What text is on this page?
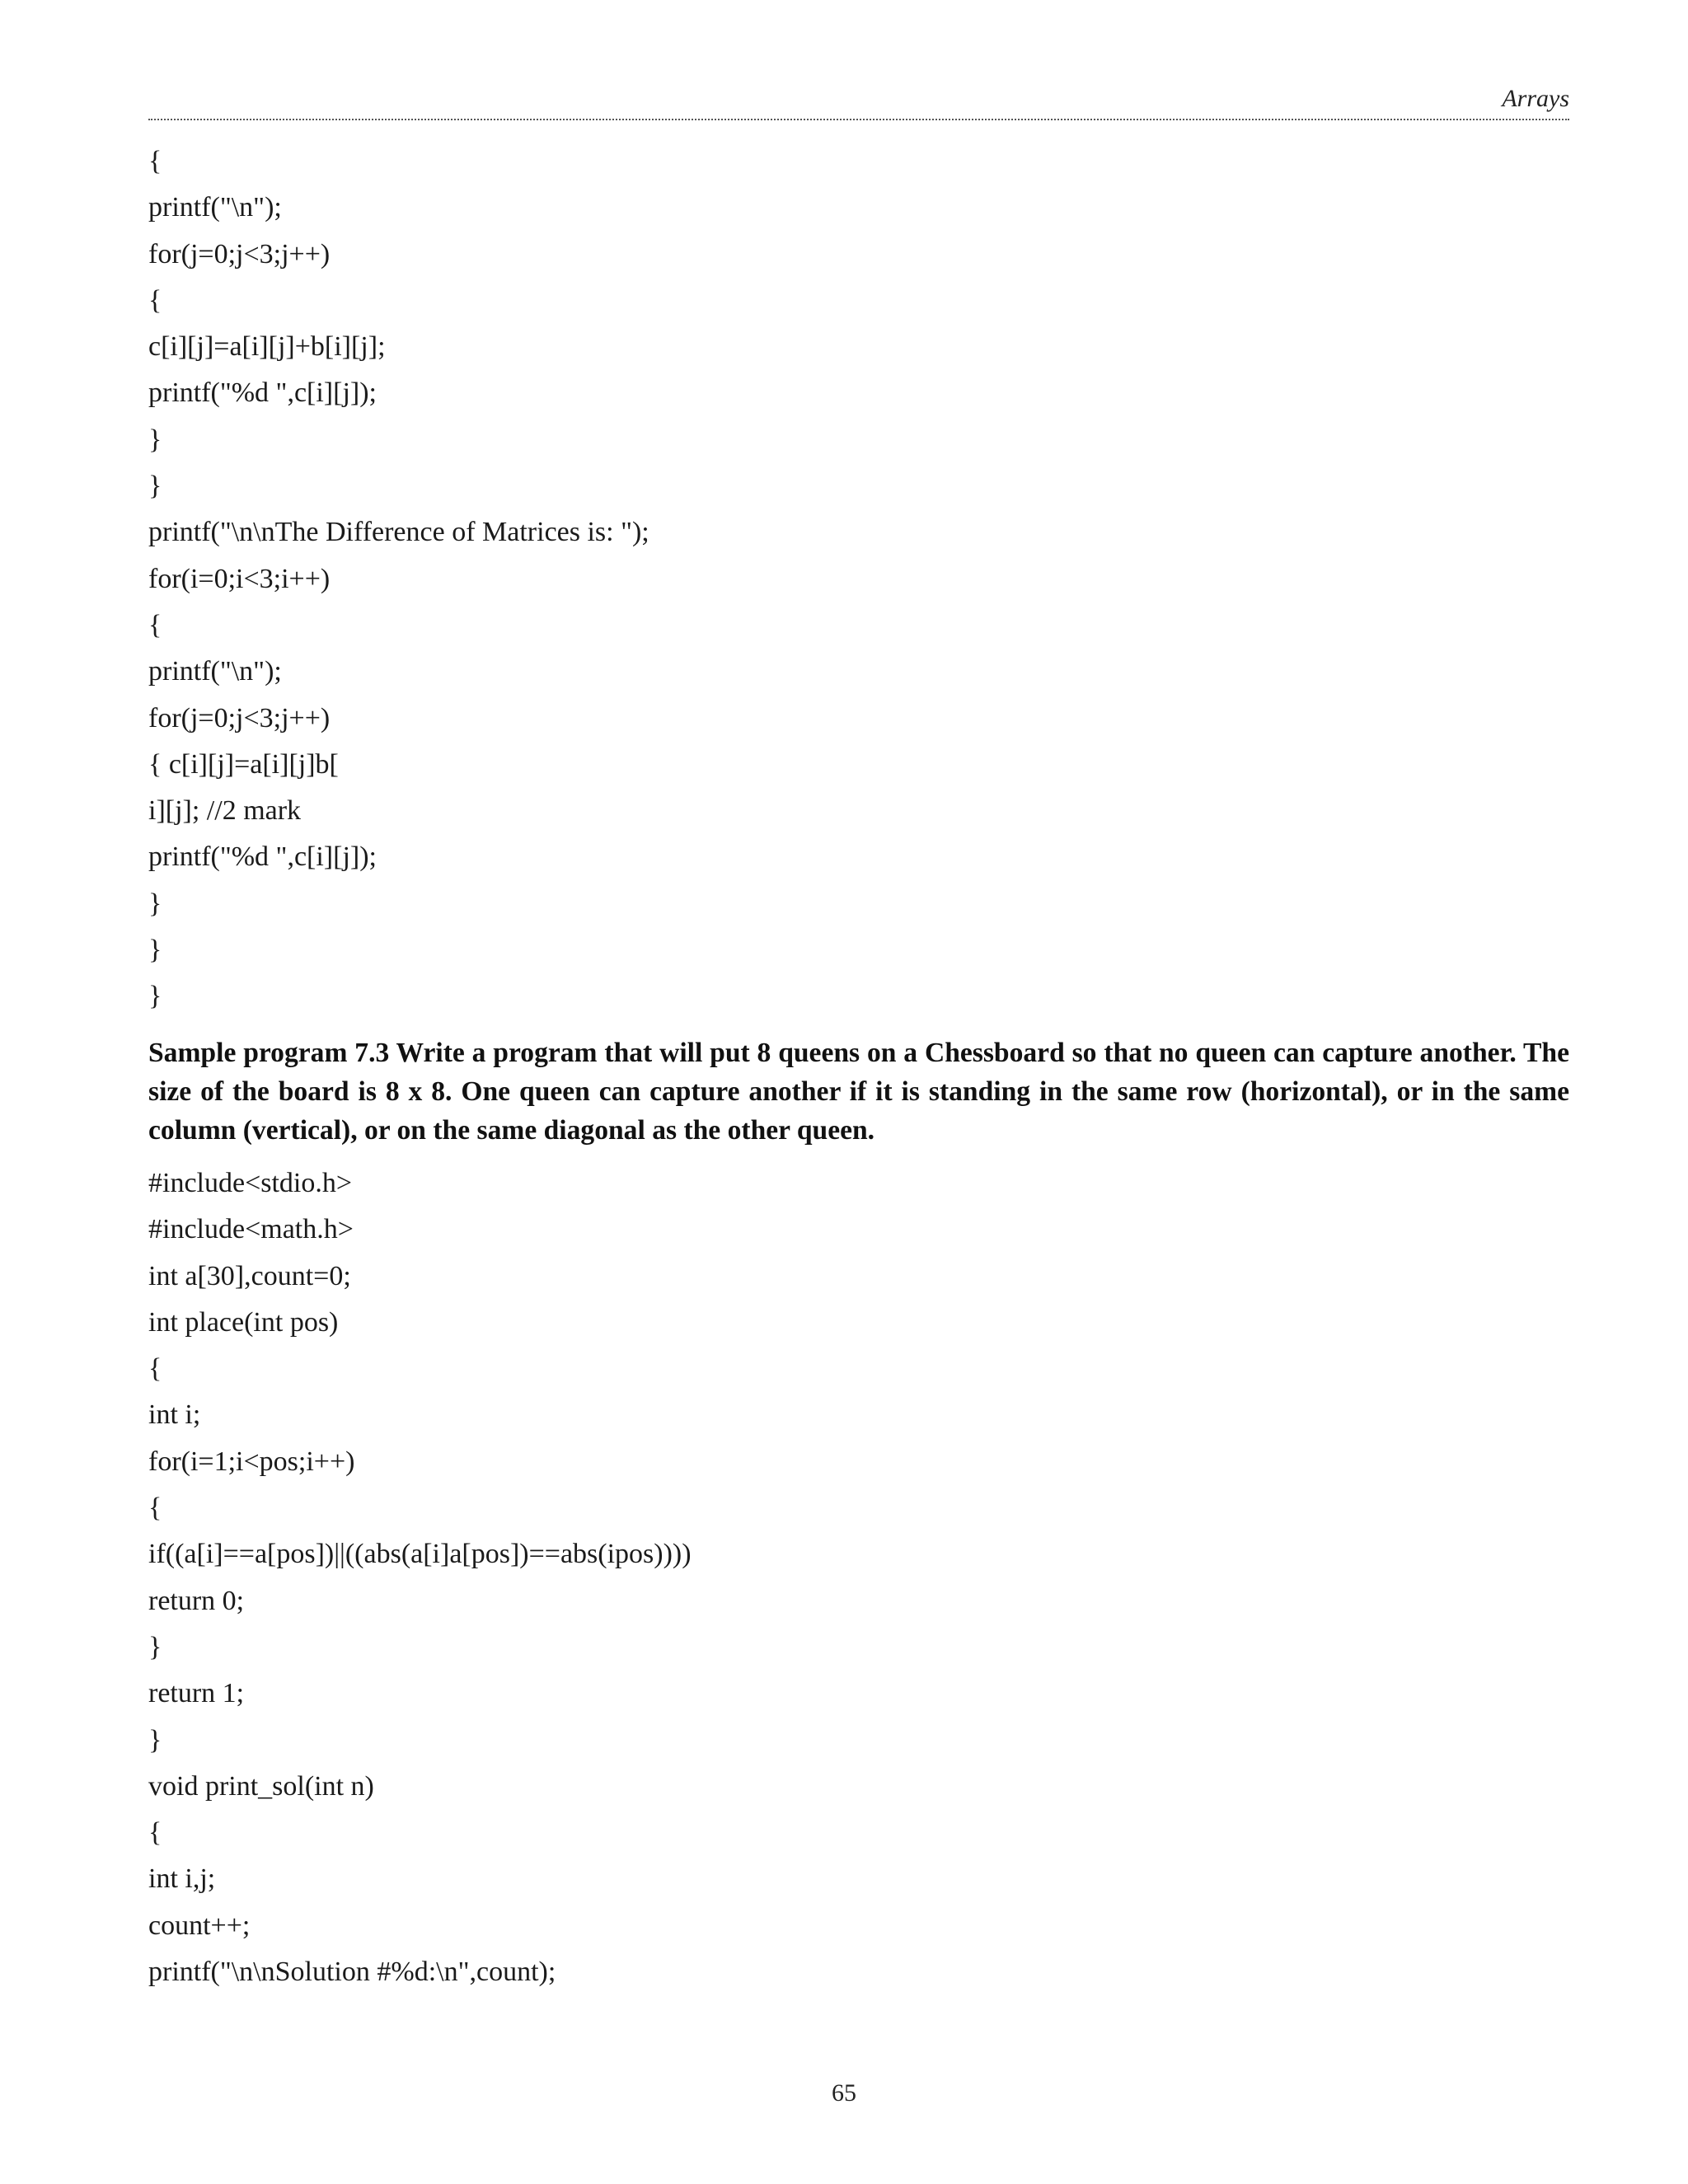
Arrays
{
printf("\n");
for(j=0;j<3;j++)
{
c[i][j]=a[i][j]+b[i][j];
printf("%d ",c[i][j]);
}
}
printf("\n\nThe Difference of Matrices is: ");
for(i=0;i<3;i++)
{
printf("\n");
for(j=0;j<3;j++)
{ c[i][j]=a[i][j]b[
i][j]; //2 mark
printf("%d ",c[i][j]);
}
}
}

Sample program 7.3 Write a program that will put 8 queens on a Chessboard so that no queen can capture another. The size of the board is 8 x 8. One queen can capture another if it is standing in the same row (horizontal), or in the same column (vertical), or on the same diagonal as the other queen.

#include<stdio.h>
#include<math.h>
int a[30],count=0;
int place(int pos)
{
int i;
for(i=1;i<pos;i++)
{
if((a[i]==a[pos])||((abs(a[i]a[pos])==abs(ipos))))
return 0;
}
return 1;
}
void print_sol(int n)
{
int i,j;
count++;
printf("\n\nSolution #%d:\n",count);
65
